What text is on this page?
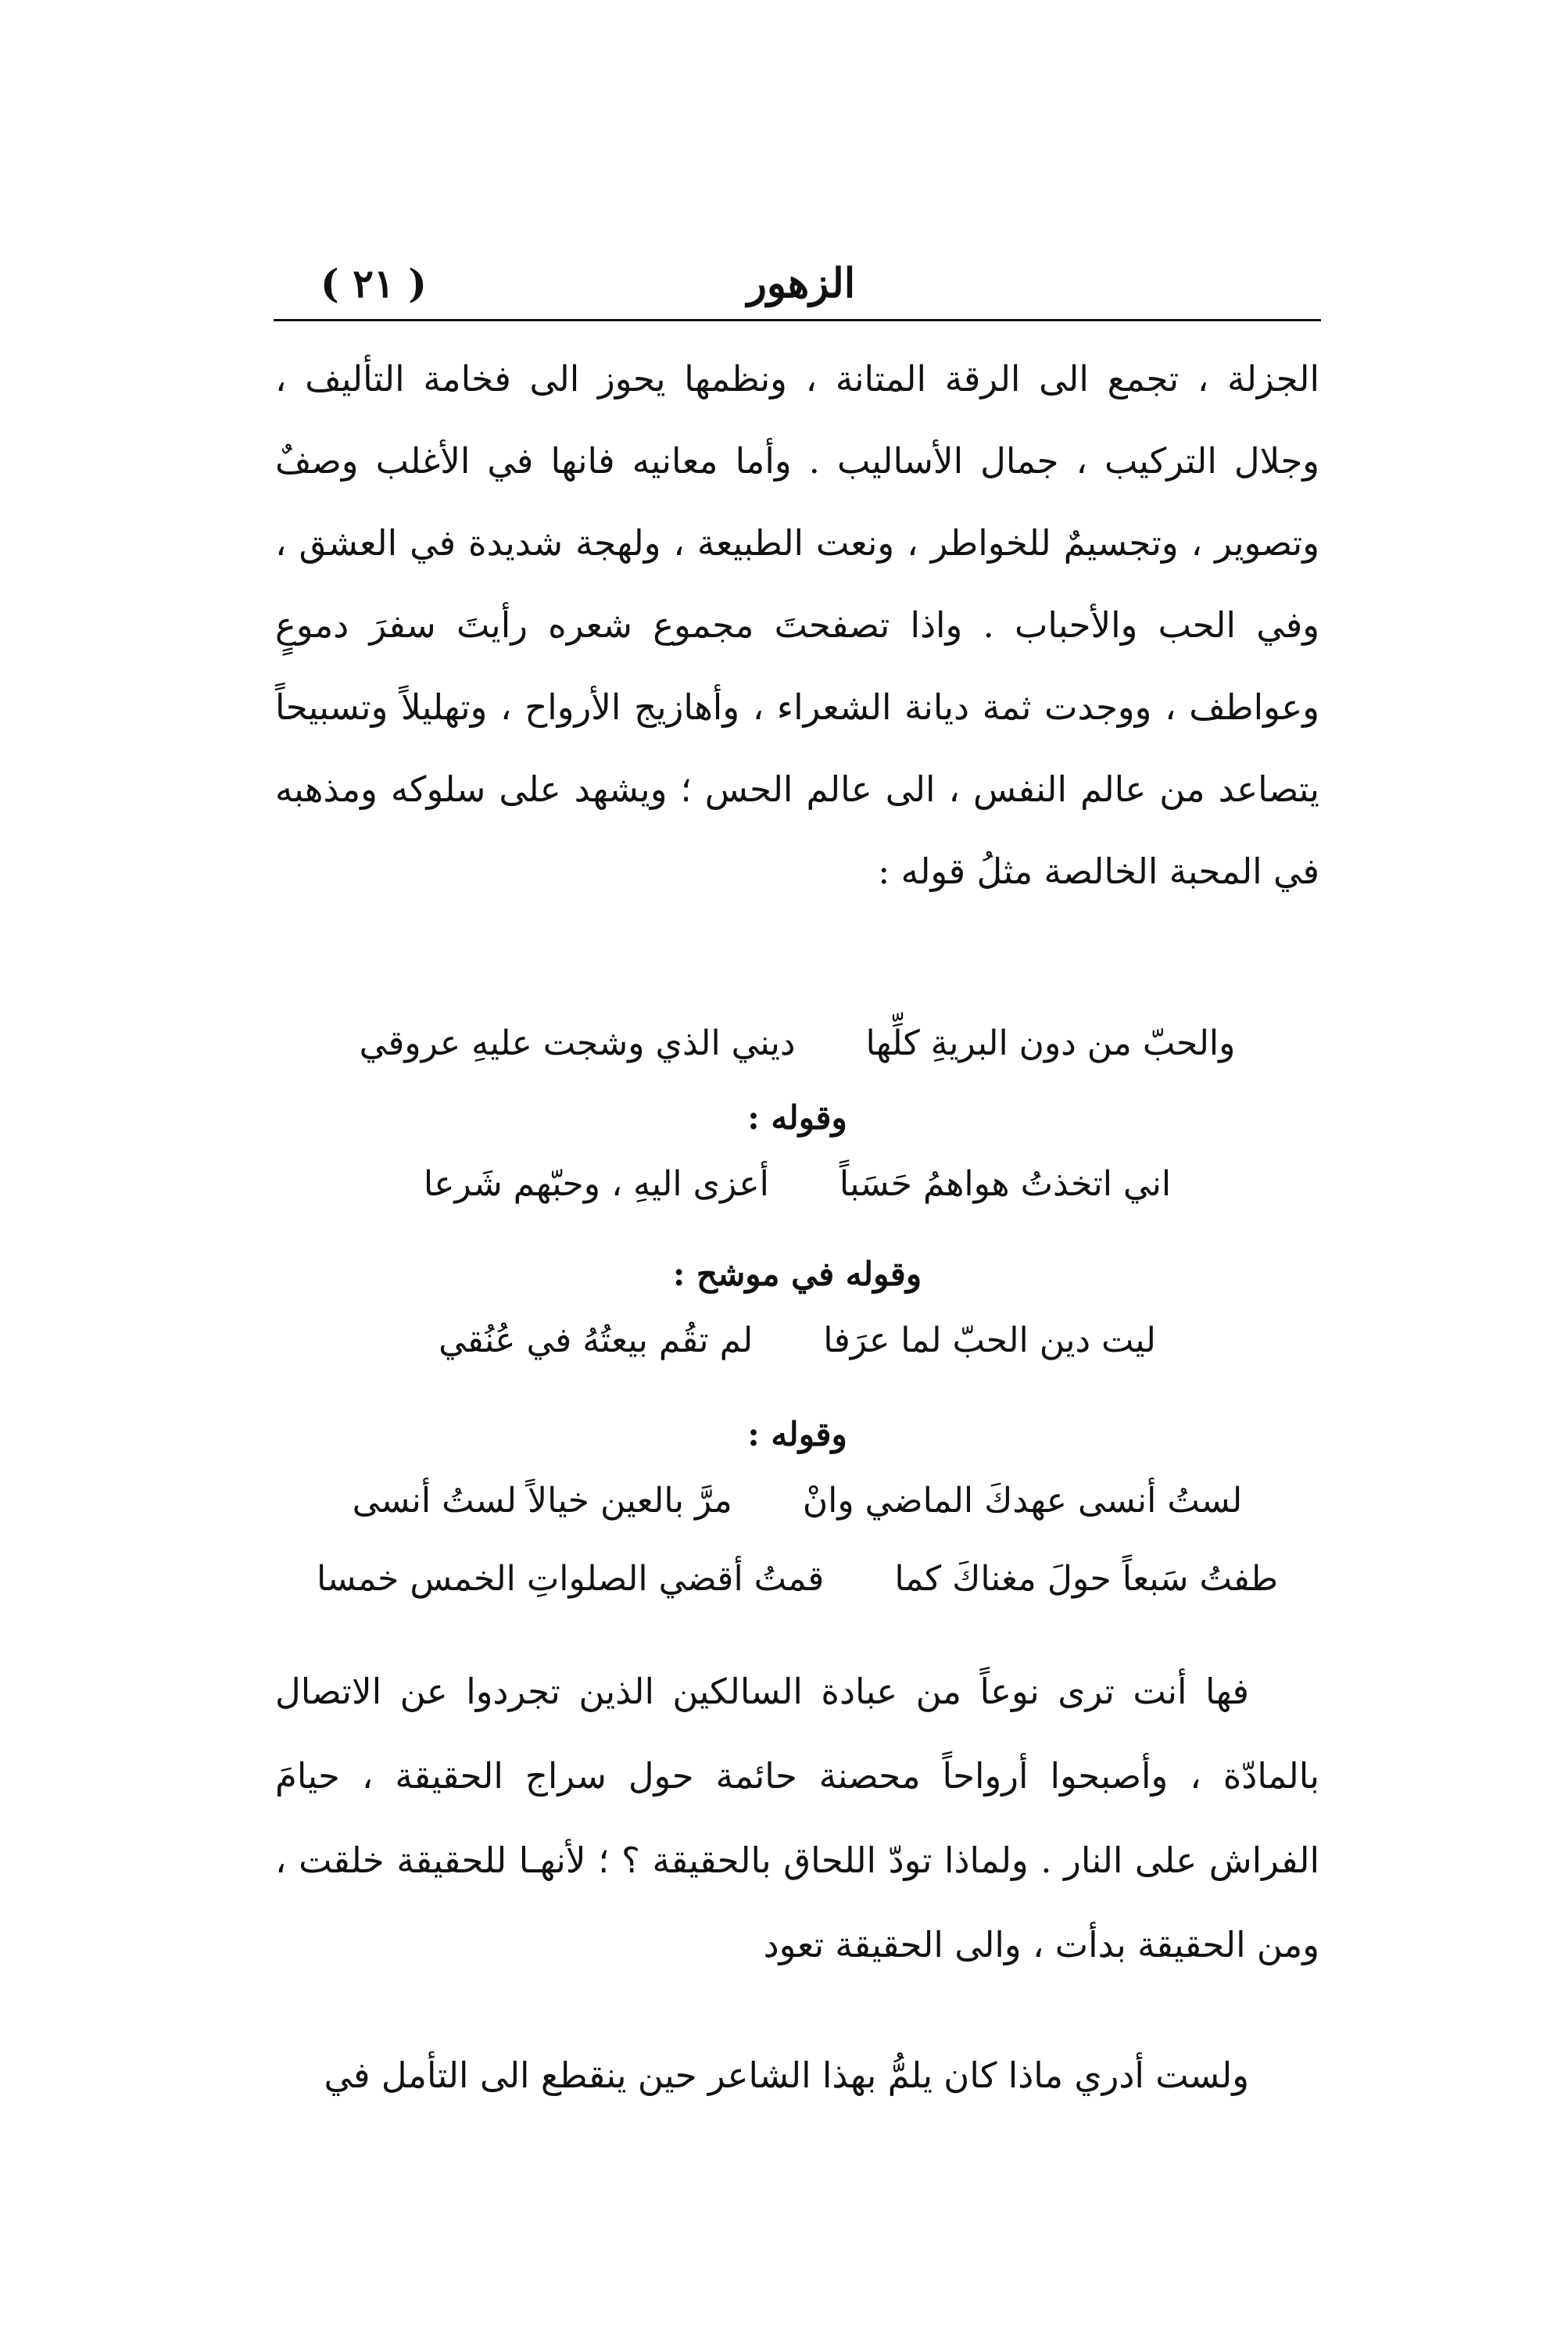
الزهور
( ٢١ )

الجزلة ، تجمع الى الرقة المتانة ، ونظمها يحوز الى فخامة التأليف ، وجلال التركيب ، جمال الأساليب . وأما معانيه فانها في الأغلب وصفٌ وتصوير ، وتجسيمٌ للخواطر ، ونعت الطبيعة ، ولهجة شديدة في العشق ، وفي الحب والأحباب . واذا تصفحتَ مجموع شعره رأيتَ سفرَ دموعٍ وعواطف ، ووجدت ثمة ديانة الشعراء ، وأهازيج الأرواح ، وتهليلاً وتسبيحاً يتصاعد من عالم النفس ، الى عالم الحس ؛ ويشهد على سلوكه ومذهبه في المحبة الخالصة مثلُ قوله :

والحبّ من دون البريةِ كلِّها
ديني الذي وشجت عليهِ عروقي

وقوله :

اني اتخذتُ هواهمُ حَسَباً
أعزى اليهِ ، وحبّهم شَرعا

وقوله في موشح :

ليت دين الحبّ لما عرَفا
لم تقُم بيعتُهُ في عُنُقي

وقوله :

لستُ أنسى عهدكَ الماضي وانْ
مرَّ بالعين خيالاً لستُ أنسى
طفتُ سَبعاً حولَ مغناكَ كما
قمتُ أقضي الصلواتِ الخمس خمسا

فها أنت ترى نوعاً من عبادة السالكين الذين تجردوا عن الاتصال بالمادّة ، وأصبحوا أرواحاً محصنة حائمة حول سراج الحقيقة ، حيامَ الفراش على النار . ولماذا تودّ اللحاق بالحقيقة ؟ ؛ لأنهـا للحقيقة خلقت ، ومن الحقيقة بدأت ، والى الحقيقة تعود

ولست أدري ماذا كان يلمُّ بهذا الشاعر حين ينقطع الى التأمل في
